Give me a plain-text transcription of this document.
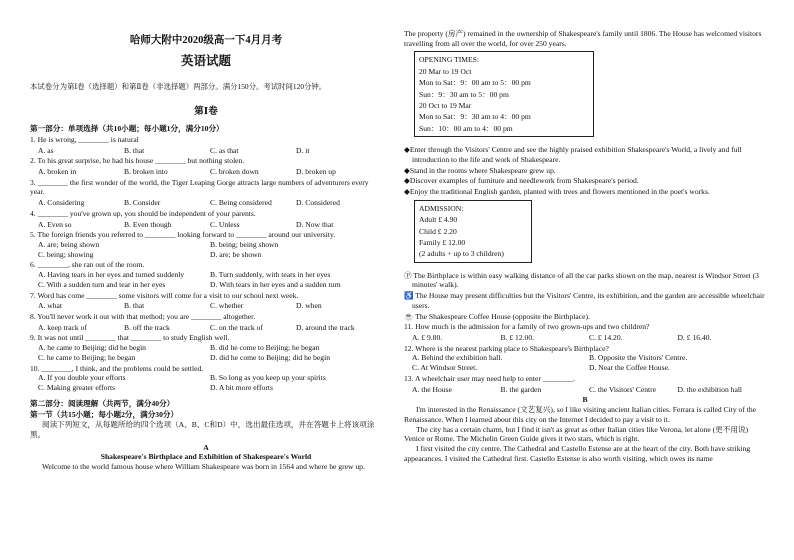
哈师大附中2020级高一下4月月考
英语试题
本试卷分为第Ⅰ卷（选择题）和第Ⅱ卷（非选择题）两部分。满分150分。考试时间120分钟。
第Ⅰ卷
第一部分：单项选择（共10小题；每小题1分，满分10分）
1. He is wrong, ________ is natural
A. as	B. that	C. as that	D. it
2. To his great surprise, he had his house ________ but nothing stolen.
A. broken in	B. broken into	C. broken down	D. broken up
3. ________ the first wonder of the world, the Tiger Leaping Gorge attracts large numbers of adventurers every year.
A. Considering	B. Consider	C. Being considered	D. Considered
4. ________ you've grown up, you should be independent of your parents.
A. Even so	B. Even though	C. Unless	D. Now that
5. The foreign friends you referred to ________ looking forward to ________ around our university.
A. are; being shown	B. being; being shown
C. being; showing	D. are; be shown
6. ________, she ran out of the room.
A. Having tears in her eyes and turned suddenly	B. Turn suddenly, with tears in her eyes
C. With a sudden turn and tear in her eyes	D. With tears in her eyes and a sudden turn
7. Word has come ________ some visitors will come for a visit to our school next week.
A. what	B. that	C. whether	D. when
8. You'll never work it out with that method; you are ________ altogether.
A. keep track of	B. off the track	C. on the track of	D. around the track
9. It was not until ________ that ________ to study English well.
A. he came to Beijing; did he begin	B. did he come to Beijing; he began
C. he came to Beijing; he began	D. did he come to Beijing; did he begin
10. ________, I think, and the problems could be settled.
A. If you double your efforts	B. So long as you keep up your spirits
C. Making greater efforts	D. A bit more efforts
第二部分：阅读理解（共两节，满分40分）
第一节（共15小题；每小题2分，满分30分）
阅读下列短文，从每题所给的四个选项（A、B、C和D）中，选出最佳选项，并在答题卡上将该项涂黑。
A
Shakespeare's Birthplace and Exhibition of Shakespeare's World
Welcome to the world famous house where William Shakespeare was born in 1564 and where he grew up.
The property (房产) remained in the ownership of Shakespeare's family until 1806. The House has welcomed visitors travelling from all over the world, for over 250 years.
OPENING TIMES:
20 Mar to 19 Oct
Mon to Sat：9：00 am to 5：00 pm
Sun：9：30 am to 5：00 pm
20 Oct to 19 Mar
Mon to Sat：9：30 am to 4：00 pm
Sun：10：00 am to 4：00 pm
◆Enter through the Visitors' Centre and see the highly praised exhibition Shakespeare's World, a lively and full introduction to the life and work of Shakespeare.
◆Stand in the rooms where Shakespeare grew up.
◆Discover examples of furniture and needlework from Shakespeare's period.
◆Enjoy the traditional English garden, planted with trees and flowers mentioned in the poet's works.
ADMISSION:
Adult £ 4.90
Child £ 2.20
Family £ 12.00
(2 adults + up to 3 children)
Ⓟ The Birthplace is within easy walking distance of all the car parks shown on the map, nearest is Windsor Street (3 minutes' walk).
♿ The House may present difficulties but the Visitors' Centre, its exhibition, and the garden are accessible wheelchair users.
☕ The Shakespeare Coffee House (opposite the Birthplace).
11. How much is the admission for a family of two grown-ups and two children?
A. £ 9.80.	B. £ 12.00.	C. £ 14.20.	D. £ 16.40.
12. Where is the nearest parking place to Shakespeare's Birthplace?
A. Behind the exhibition hall.	B. Opposite the Visitors' Centre.
C. At Windsor Street.	D. Near the Coffee House.
13. A wheelchair user may need help to enter ________.
A. the House	B. the garden	C. the Visitors' Centre	D. the exhibition hall
B
I'm interested in the Renaissance (文艺复兴), so I like visiting ancient Italian cities. Ferrara is called City of the Renaissance. When I learned about this city on the Internet I decided to pay a visit to it.
The city has a certain charm, but I find it isn't as great as other Italian cities like Verona, let alone (更不用说) Venice or Rome. The Michelin Green Guide gives it two stars, which is right.
I first visited the city centre. The Cathedral and Castello Estense are at the heart of the city. Both have striking appearances. I visited the Cathedral first. Castello Estense is also worth visiting, which owes its name
